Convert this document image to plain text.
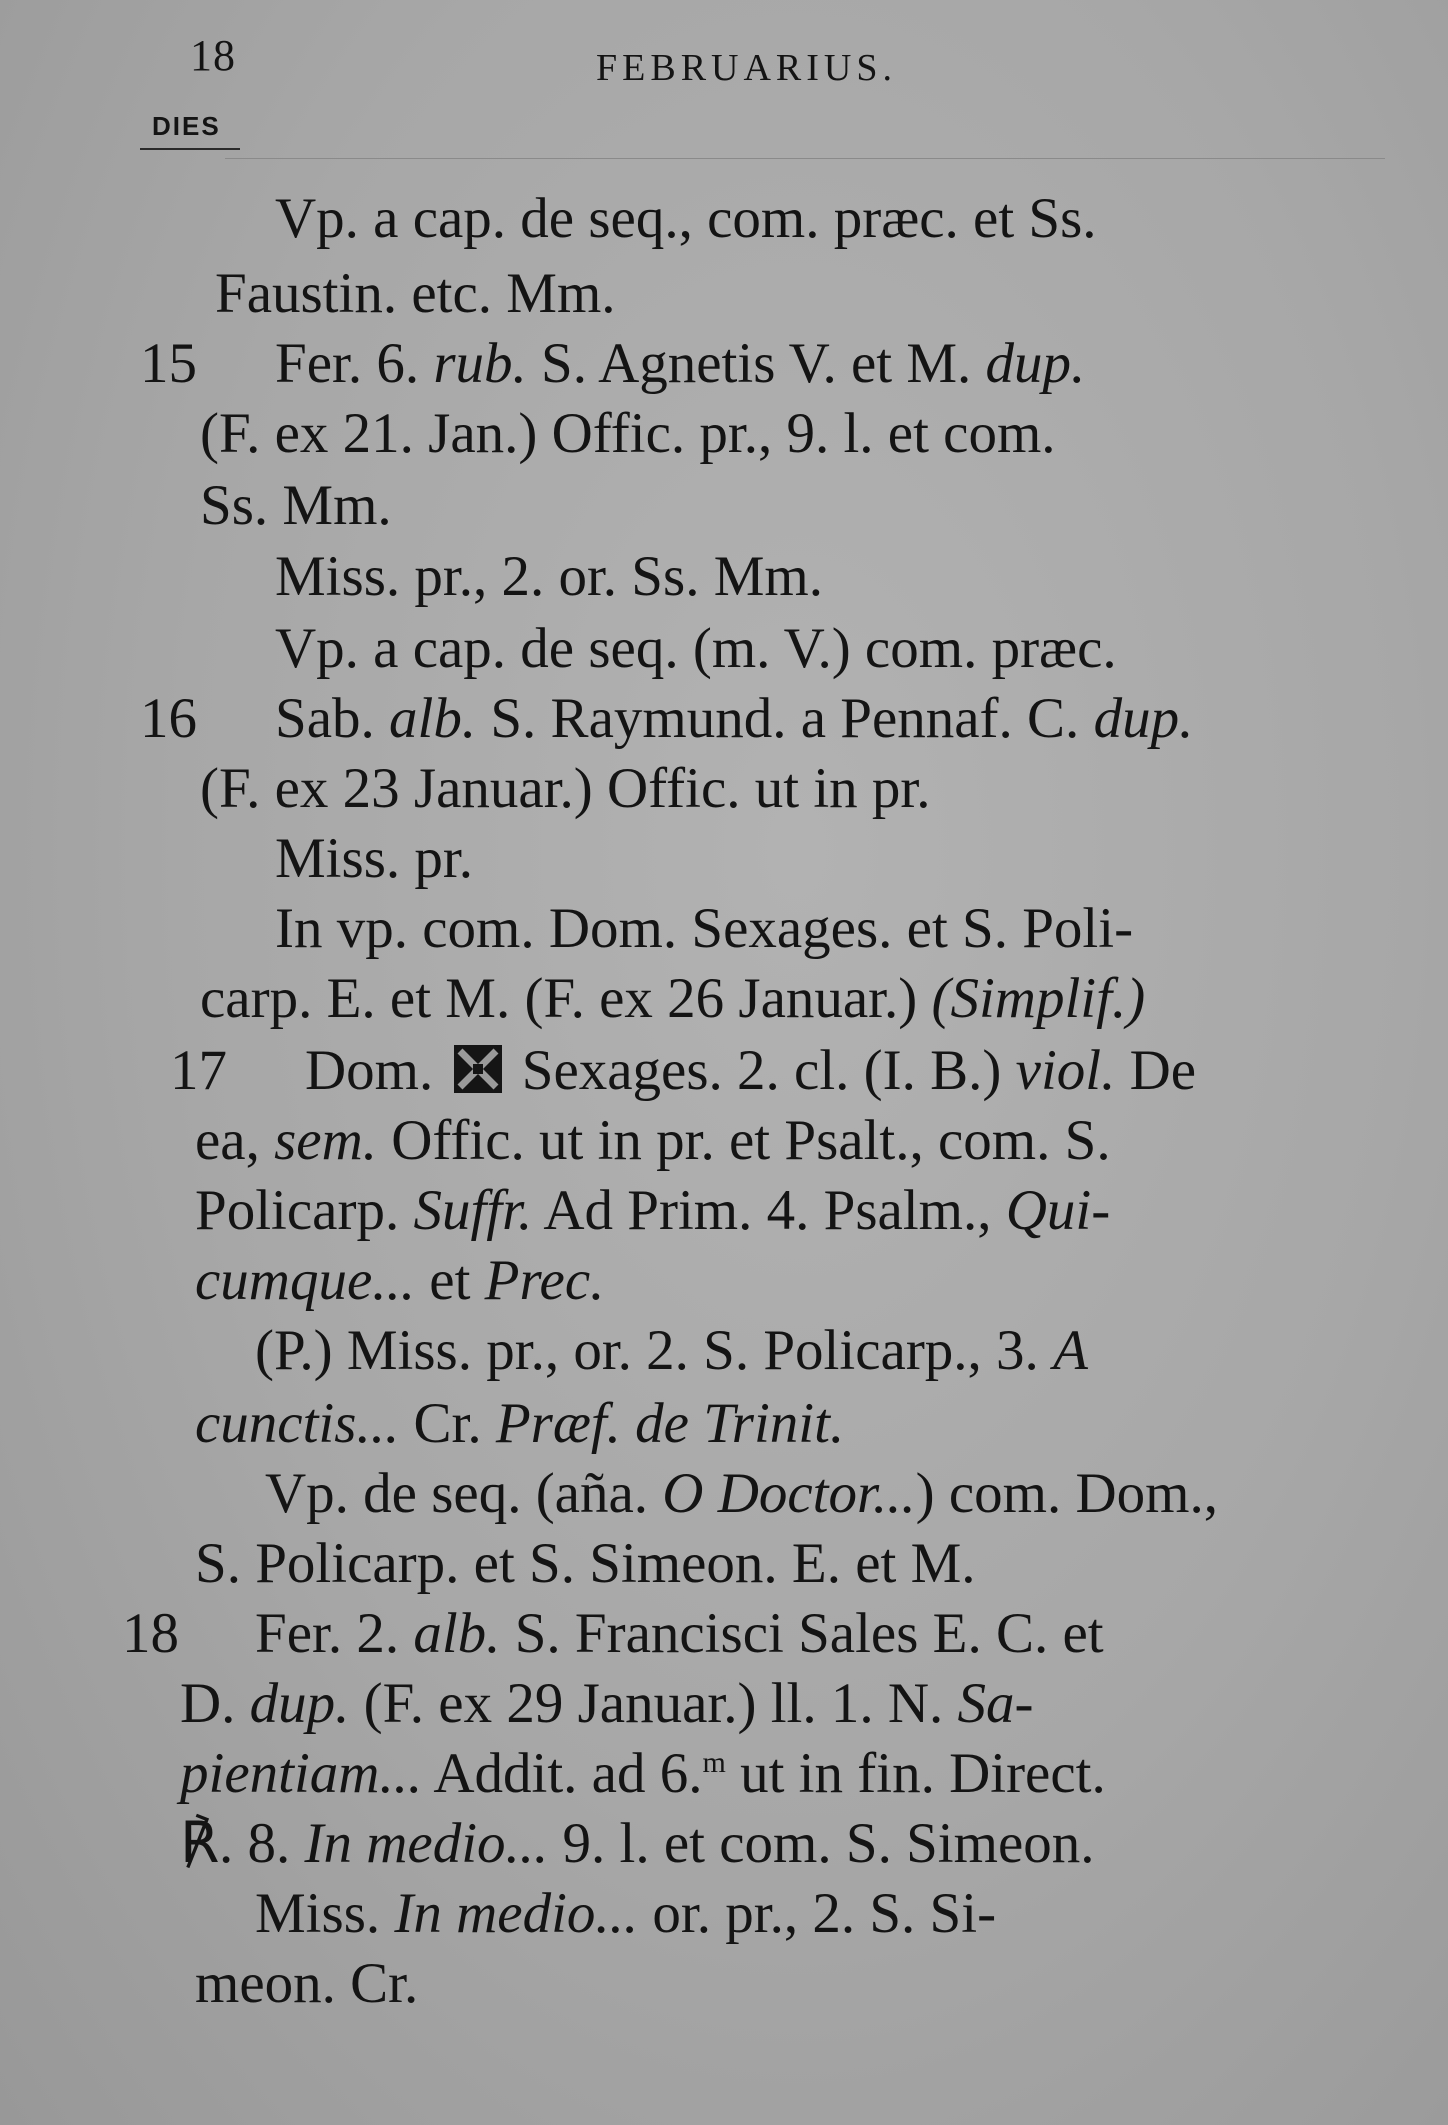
18	FEBRUARIUS.
DIES
Vp. a cap. de seq., com. præc. et Ss.
Faustin. etc. Mm.
15 Fer. 6. rub. S. Agnetis V. et M. dup.
(F. ex 21. Jan.) Offic. pr., 9. l. et com.
Ss. Mm.
Miss. pr., 2. or. Ss. Mm.
Vp. a cap. de seq. (m. V.) com. præc.
16 Sab. alb. S. Raymund. a Pennaf. C. dup.
(F. ex 23 Januar.) Offic. ut in pr.
Miss. pr.
In vp. com. Dom. Sexages. et S. Poli-
carp. E. et M. (F. ex 26 Januar.) (Simplif.)
17 Dom.
Sexages. 2. cl. (I. B.) viol. De
ea, sem. Offic. ut in pr. et Psalt., com. S.
Policarp. Suffr. Ad Prim. 4. Psalm., Qui-
cumque... et Prec.
(P.) Miss. pr., or. 2. S. Policarp., 3. A
cunctis... Cr. Præf. de Trinit.
Vp. de seq. (aña. O Doctor...) com. Dom.,
S. Policarp. et S. Simeon. E. et M.
18 Fer. 2. alb. S. Francisci Sales E. C. et
D. dup. (F. ex 29 Januar.) ll. 1. N. Sa-
pientiam... Addit. ad 6.$^m$ ut in fin. Direct.
℟. 8. In medio... 9. l. et com. S. Simeon.
Miss. In medio... or. pr., 2. S. Si-
meon. Cr.
